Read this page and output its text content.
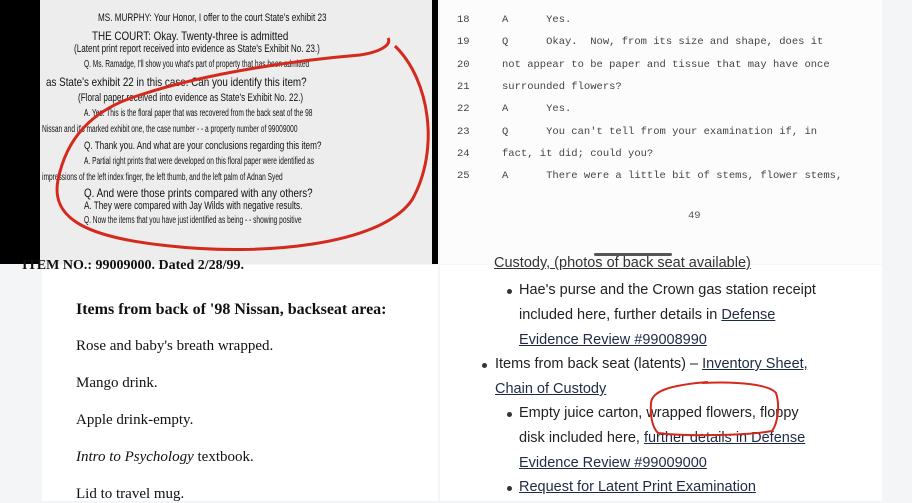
MS. MURPHY: Your Honor, I offer to the court State's exhibit 23
THE COURT: Okay. Twenty-three is admitted
(Latent print report received into evidence as State's Exhibit No. 23.)
Q. Ms. Ramadge, I'll show you what's part of property that has been admitted
as State's exhibit 22 in this case. Can you identify this item?
(Floral paper received into evidence as State's Exhibit No. 22.)
A. Yes. This is the floral paper that was recovered from the back seat of the 98
Nissan and it's marked exhibit one, the case number - - a property number of 99009000
Q. Thank you. And what are your conclusions regarding this item?
A. Partial right prints that were developed on this floral paper were identified as
impressions of the left index finger, the left thumb, and the left palm of Adnan Syed
Q. And were those prints compared with any others?
A. They were compared with Jay Wilds with negative results.
Q. Now the items that you have just identified as being - - showing positive
18	A      Yes.
19	Q      Okay.  Now, from its size and shape, does it
20	not appear to be paper and tissue that may have once
21	surrounded flowers?
22	A      Yes.
23	Q      You can't tell from your examination if, in
24	fact, it did; could you?
25	A      There were a little bit of stems, flower stems,
49
ITEM NO.: 99009000. Dated 2/28/99.
Items from back of '98 Nissan, backseat area:
Rose and baby's breath wrapped.
Mango drink.
Apple drink-empty.
Intro to Psychology textbook.
Lid to travel mug.
Custody, (photos of back seat available)
Hae's purse and the Crown gas station receipt
included here, further details in Defense
Evidence Review #99008990
Items from back seat (latents) – Inventory Sheet,
Chain of Custody
Empty juice carton, wrapped flowers, floppy
disk included here, further details in Defense
Evidence Review #99009000
Request for Latent Print Examination
